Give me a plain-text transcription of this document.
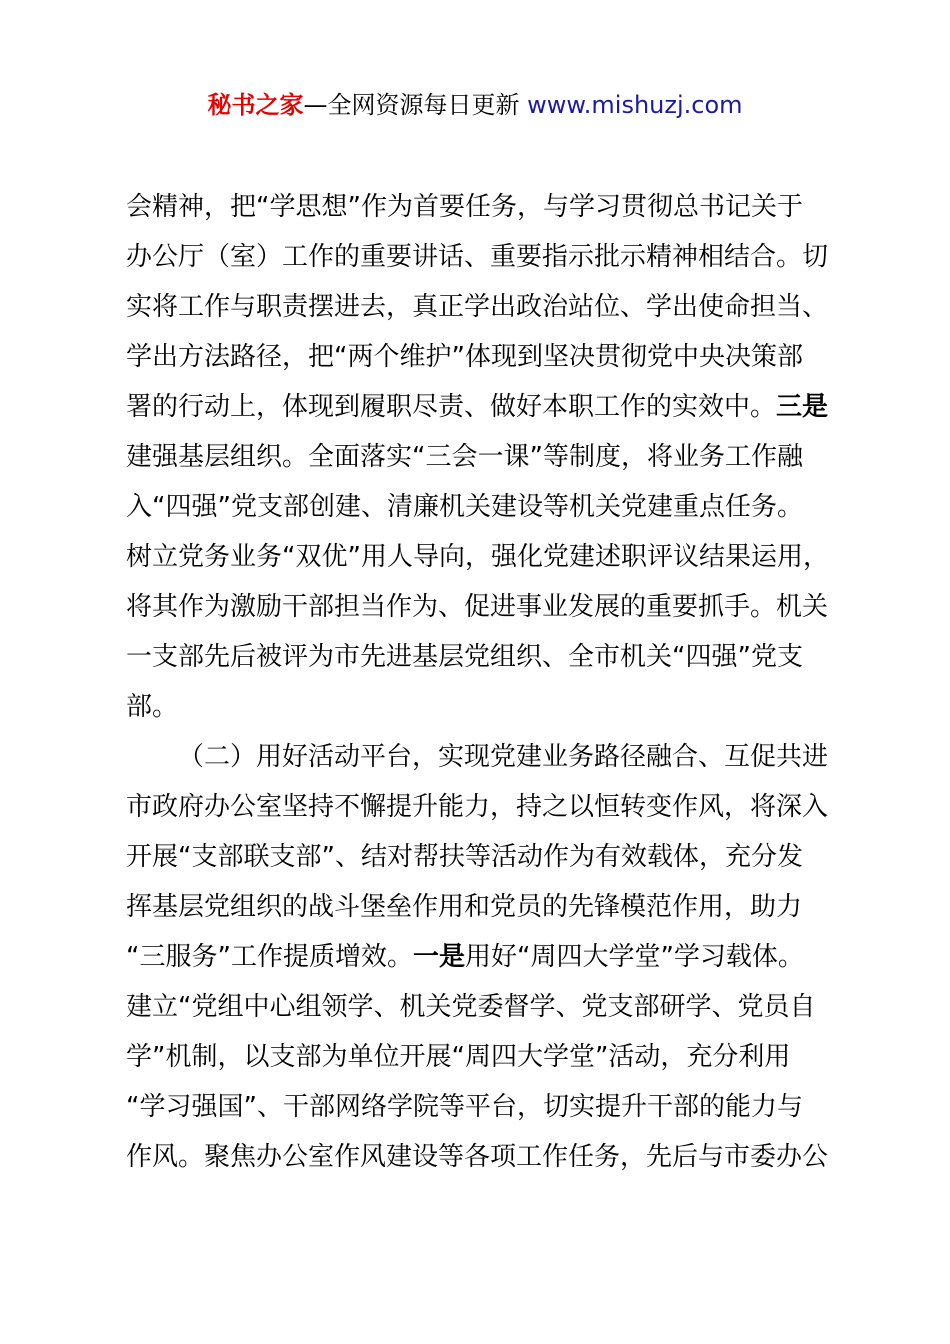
秘书之家—全网资源每日更新 www.mishuzj.com
会精神，把“学思想”作为首要任务，与学习贯彻总书记关于
办公厅（室）工作的重要讲话、重要指示批示精神相结合。切
实将工作与职责摆进去，真正学出政治站位、学出使命担当、
学出方法路径，把“两个维护”体现到坚决贯彻党中央决策部
署的行动上，体现到履职尽责、做好本职工作的实效中。三是
建强基层组织。全面落实“三会一课”等制度，将业务工作融
入“四强”党支部创建、清廉机关建设等机关党建重点任务。
树立党务业务“双优”用人导向，强化党建述职评议结果运用，
将其作为激励干部担当作为、促进事业发展的重要抓手。机关
一支部先后被评为市先进基层党组织、全市机关“四强”党支
部。
（二）用好活动平台，实现党建业务路径融合、互促共进
市政府办公室坚持不懈提升能力，持之以恒转变作风，将深入
开展“支部联支部”、结对帮扶等活动作为有效载体，充分发
挥基层党组织的战斗堡垒作用和党员的先锋模范作用，助力
“三服务”工作提质增效。一是用好“周四大学堂”学习载体。
建立“党组中心组领学、机关党委督学、党支部研学、党员自
学”机制，以支部为单位开展“周四大学堂”活动，充分利用
“学习强国”、干部网络学院等平台，切实提升干部的能力与
作风。聚焦办公室作风建设等各项工作任务，先后与市委办公
